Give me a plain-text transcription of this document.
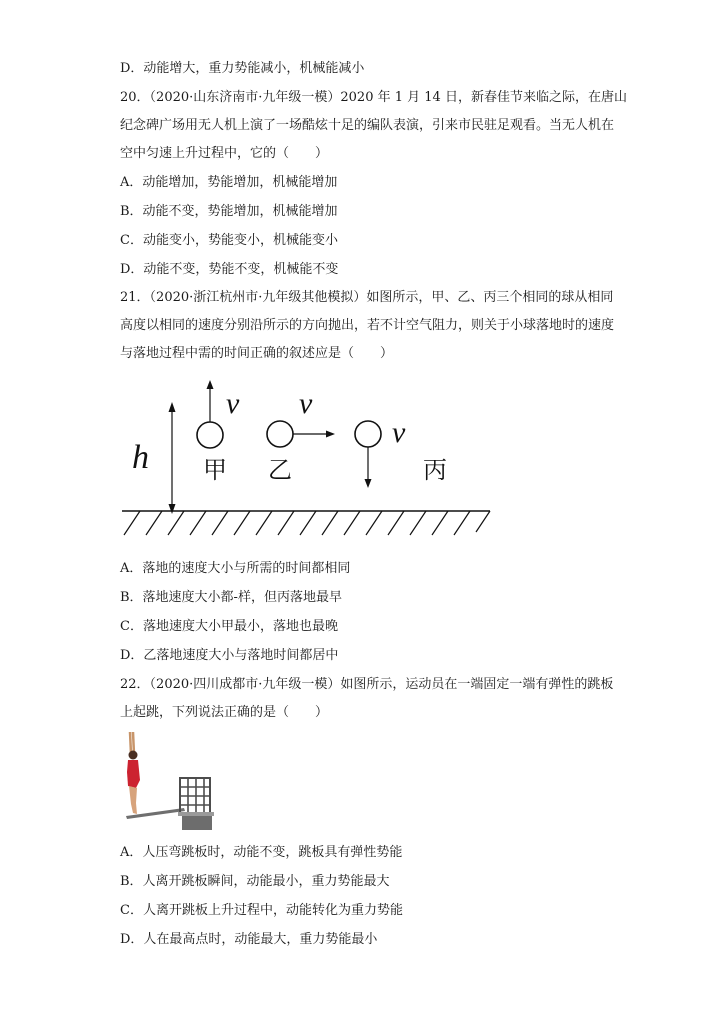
D．动能增大，重力势能减小，机械能减小
20．（2020·山东济南市·九年级一模）2020 年 1 月 14 日，新春佳节来临之际，在唐山
纪念碑广场用无人机上演了一场酷炫十足的编队表演，引来市民驻足观看。当无人机在
空中匀速上升过程中，它的（　　）
A．动能增加，势能增加，机械能增加
B．动能不变，势能增加，机械能增加
C．动能变小，势能变小，机械能变小
D．动能不变，势能不变，机械能不变
21．（2020·浙江杭州市·九年级其他模拟）如图所示，甲、乙、丙三个相同的球从相同
高度以相同的速度分别沿所示的方向抛出，若不计空气阻力，则关于小球落地时的速度
与落地过程中需的时间正确的叙述应是（　　）
h
v
甲
v
乙
v
丙
A．落地的速度大小与所需的时间都相同
B．落地速度大小都-样，但丙落地最早
C．落地速度大小甲最小，落地也最晚
D．乙落地速度大小与落地时间都居中
22．（2020·四川成都市·九年级一模）如图所示，运动员在一端固定一端有弹性的跳板
上起跳，下列说法正确的是（　　）
A．人压弯跳板时，动能不变，跳板具有弹性势能
B．人离开跳板瞬间，动能最小，重力势能最大
C．人离开跳板上升过程中，动能转化为重力势能
D．人在最高点时，动能最大，重力势能最小
